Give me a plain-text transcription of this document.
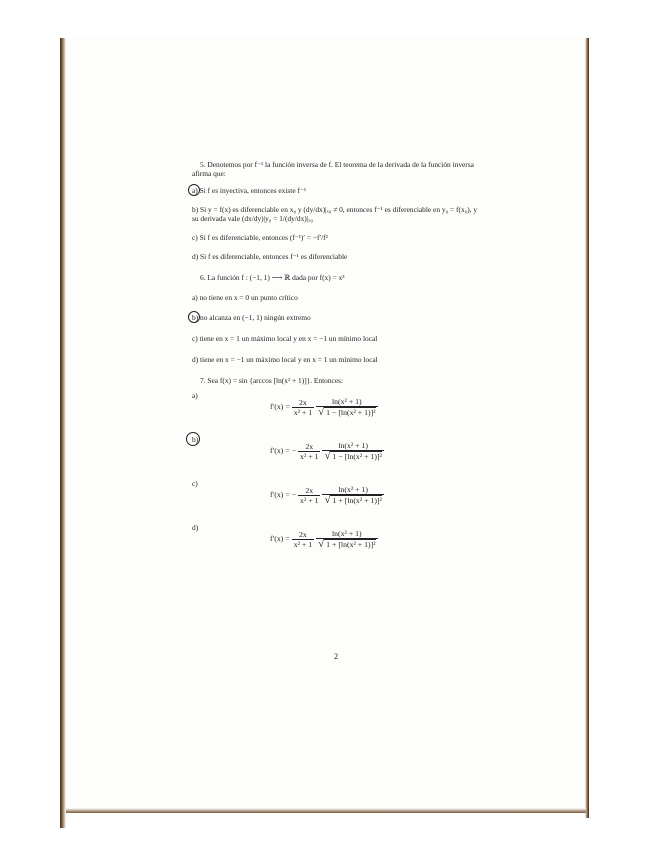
5. Denotemos por f⁻¹ la función inversa de f. El teorema de la derivada de la función inversa afirma que:

a) Si f es inyectiva, entonces existe f⁻¹

b) Si y = f(x) es diferenciable en x₀ y (dy/dx)|ₓ₀ ≠ 0, entonces f⁻¹ es diferenciable en y₀ = f(x₀), y su derivada vale (dx/dy)|y₀ = 1/(dy/dx)|ₓ₀

c) Si f es diferenciable, entonces (f⁻¹)′ = −f′/f²

d) Si f es diferenciable, entonces f⁻¹ es diferenciable

6. La función f : (−1, 1) ⟶ ℝ dada por f(x) = x³

a) no tiene en x = 0 un punto crítico

b) no alcanza en (−1, 1) ningún extremo

c) tiene en x = 1 un máximo local y en x = −1 un mínimo local

d) tiene en x = −1 un máximo local y en x = 1 un mínimo local

7. Sea f(x) = sin {arccos [ln(x² + 1)]}. Entonces:

a)
$f'(x) = \frac{2x}{\text{x² + 1}}$
$\frac{\text{ln(x² + 1)}}{\text{√ 1 − [ln(x² + 1)]²}}$
b)
f′(x) = − $\frac{2x}{\text{x² + 1}}$
$\frac{\text{ln(x² + 1)}}{\text{√ 1 − [ln(x² + 1)]²}}$
c)
f′(x) = − $\frac{2x}{\text{x² + 1}}$
$\frac{\text{ln(x² + 1)}}{\text{√ 1 + [ln(x² + 1)]²}}$
d)
$f'(x) = \frac{2x}{\text{x² + 1}}$
$\frac{\text{ln(x² + 1)}}{\text{√ 1 + [ln(x² + 1)]²}}$
2
